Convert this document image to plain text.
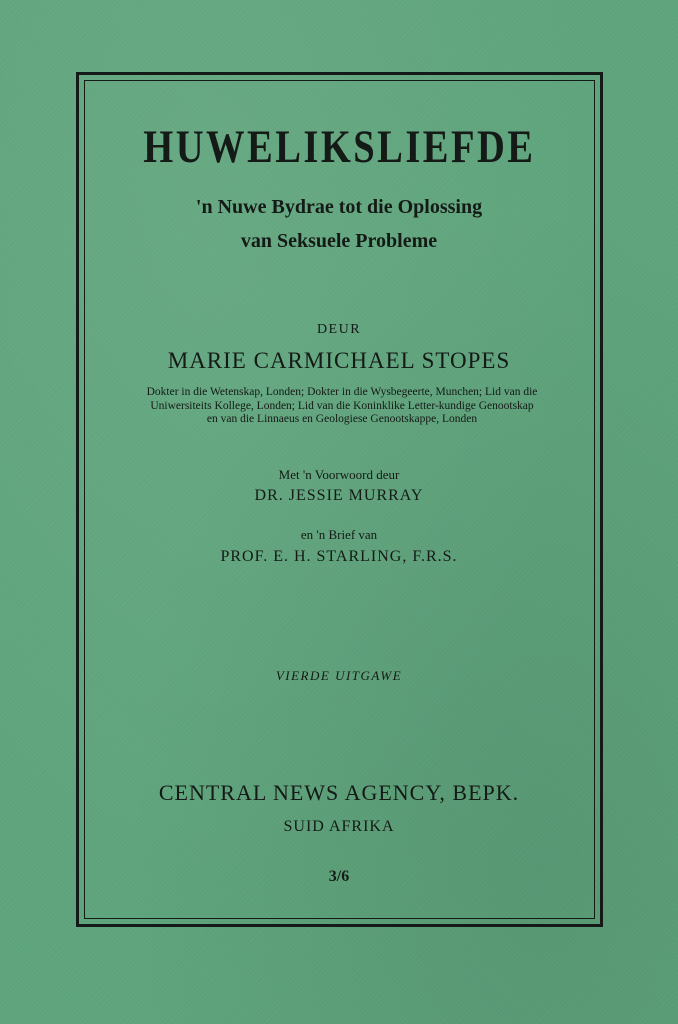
HUWELIKSLIEFDE
'n Nuwe Bydrae tot die Oplossing
van Seksuele Probleme
DEUR
MARIE CARMICHAEL STOPES
Dokter in die Wetenskap, Londen; Dokter in die Wysbegeerte, Munchen; Lid van die Uniwersiteits Kollege, Londen; Lid van die Koninklike Letter-kundige Genootskap en van die Linnaeus en Geologiese Genootskappe, Londen
Met 'n Voorwoord deur
DR. JESSIE MURRAY
en 'n Brief van
PROF. E. H. STARLING, F.R.S.
VIERDE UITGAWE
CENTRAL NEWS AGENCY, BEPK.
SUID AFRIKA
3/6
